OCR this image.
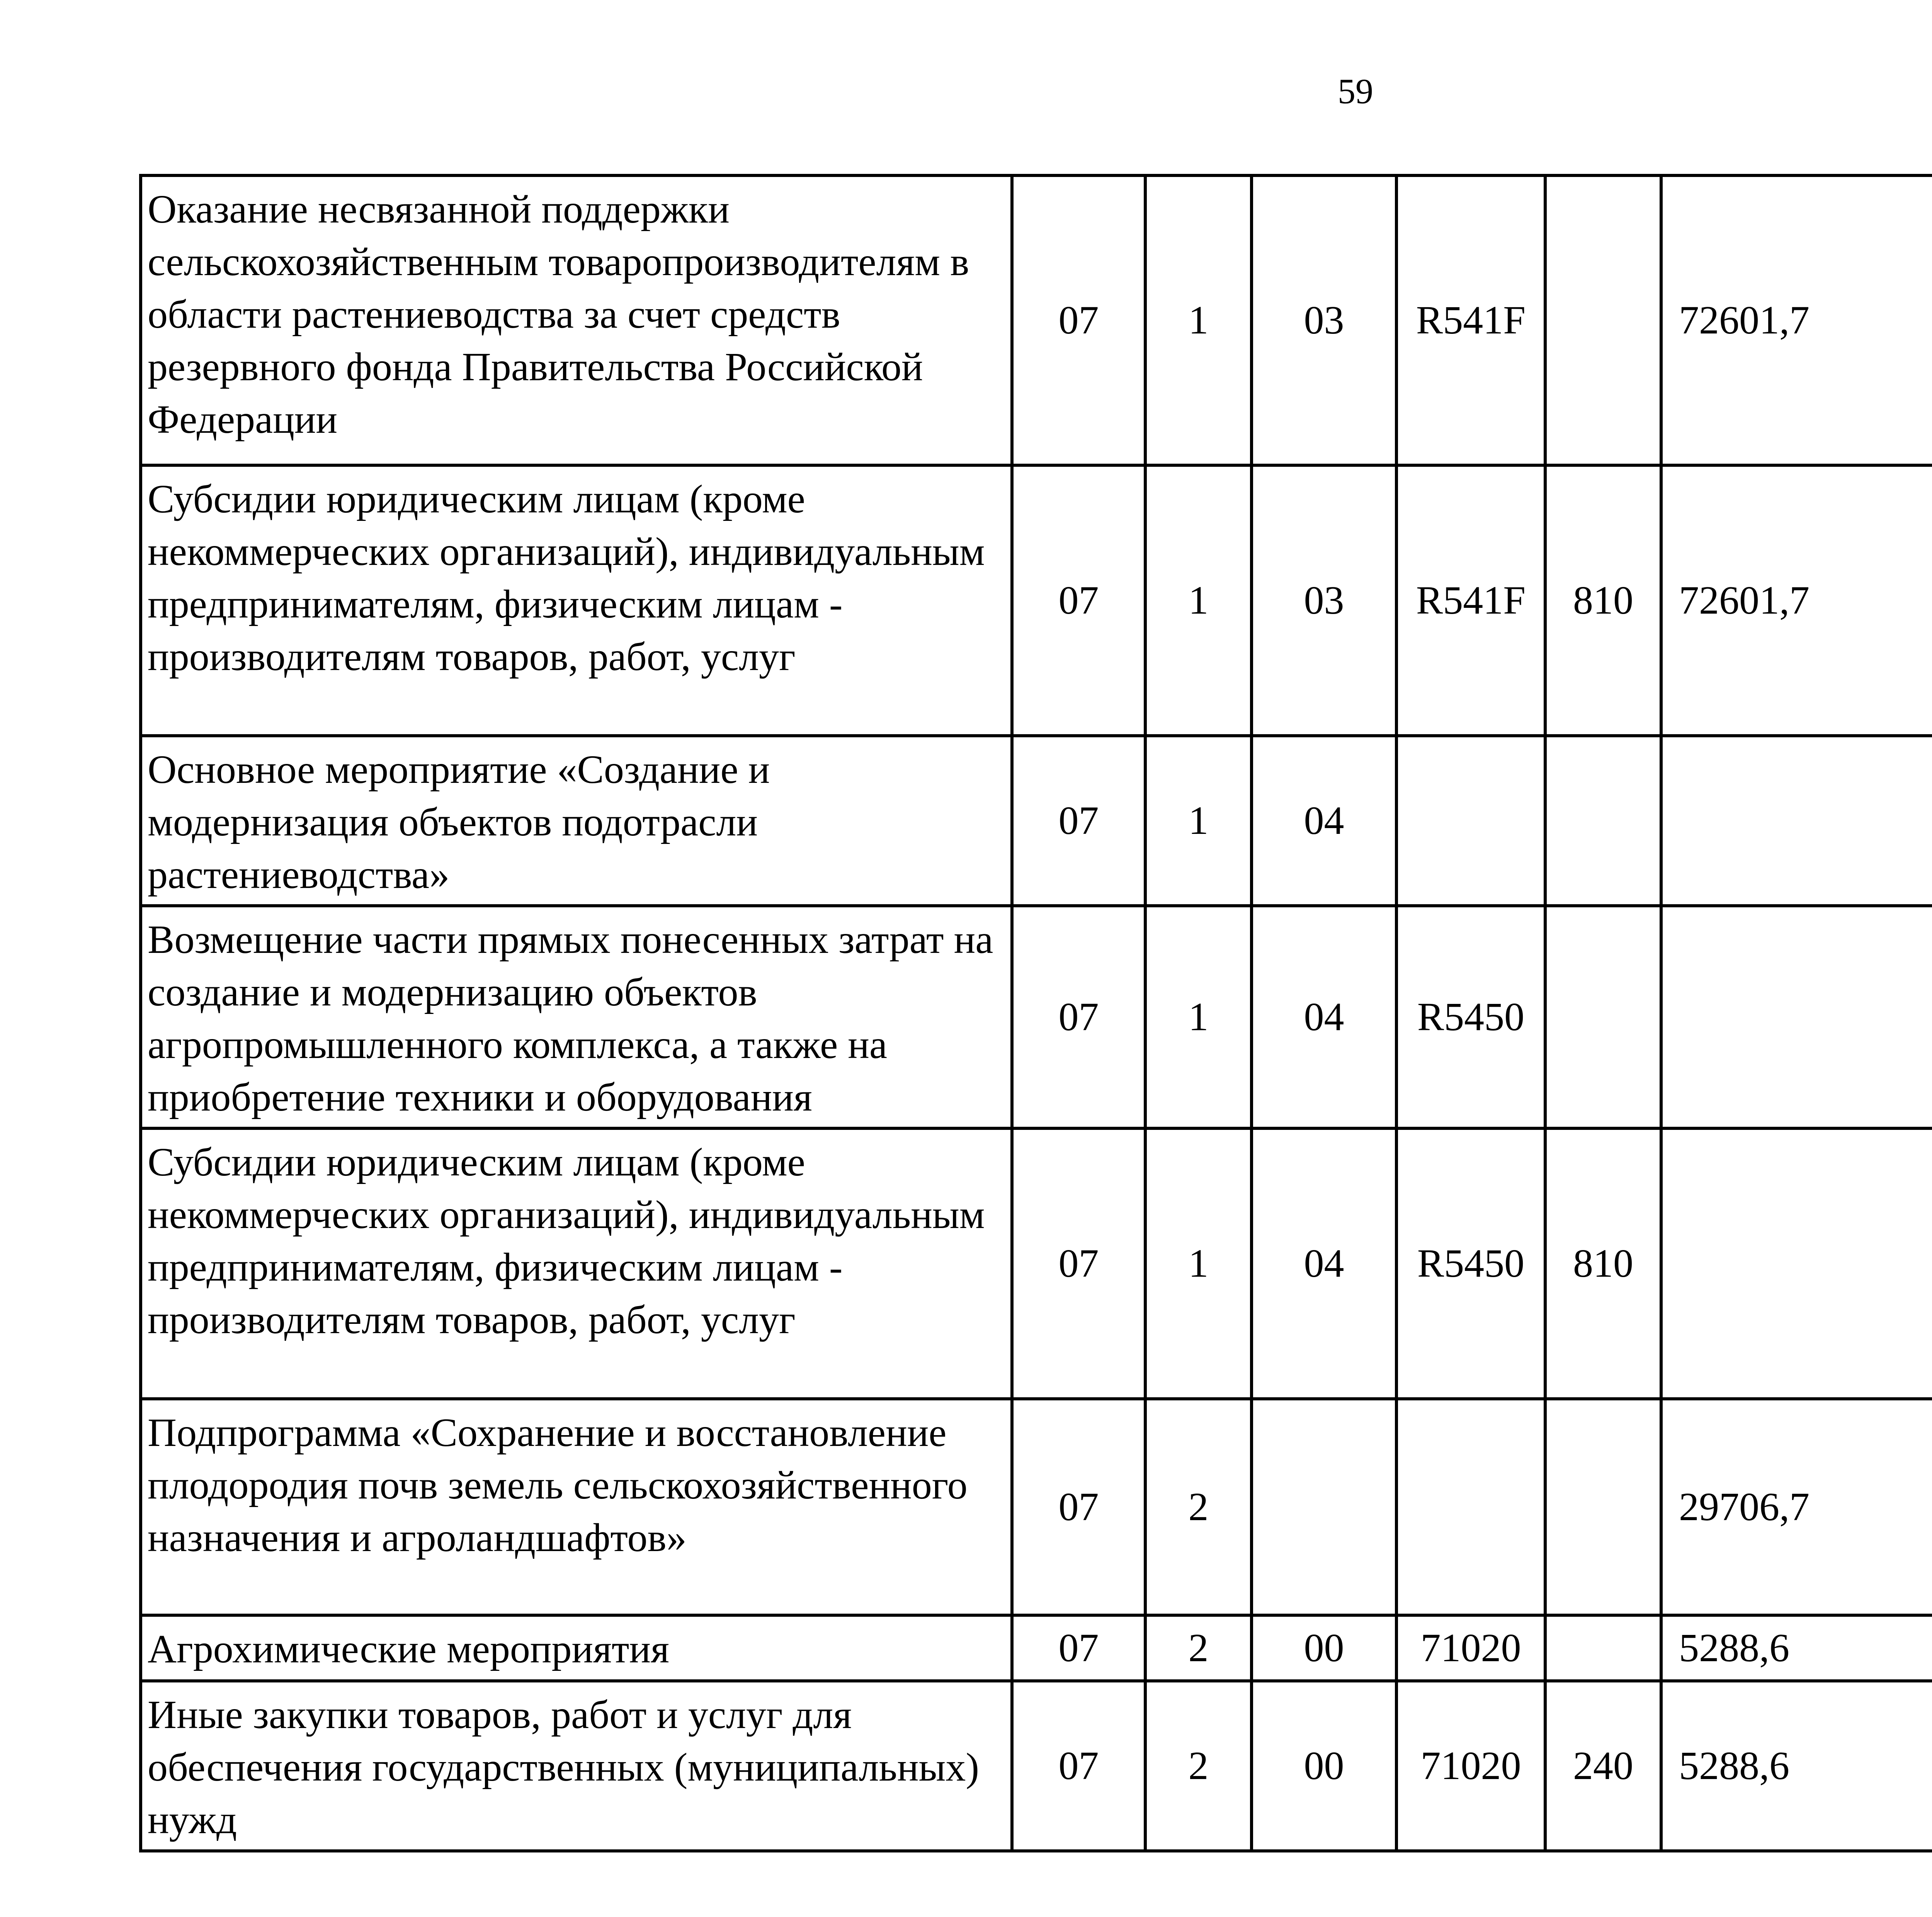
59
Оказание несвязанной поддержки сельскохозяйственным товаропроизводителям в области растениеводства за счет средств резервного фонда Правительства Российской Федерации	07	1	03	R541F		72601,7		
Субсидии юридическим лицам (кроме некоммерческих организаций), индивидуальным предпринимателям, физическим лицам - производителям товаров, работ, услуг	07	1	03	R541F	810	72601,7		
Основное мероприятие «Создание и модернизация объектов подотрасли растениеводства»	07	1	04					
Возмещение части прямых понесенных затрат на создание и модернизацию объектов агропромышленного комплекса, а также на приобретение техники и оборудования	07	1	04	R5450				
Субсидии юридическим лицам (кроме некоммерческих организаций), индивидуальным предпринимателям, физическим лицам - производителям товаров, работ, услуг	07	1	04	R5450	810			
Подпрограмма «Сохранение и восстановление плодородия почв земель сельскохозяйственного назначения и агроландшафтов»	07	2				29706,7		
Агрохимические мероприятия	07	2	00	71020		5288,6		
Иные закупки товаров, работ и услуг для обеспечения государственных (муниципальных) нужд	07	2	00	71020	240	5288,6		
